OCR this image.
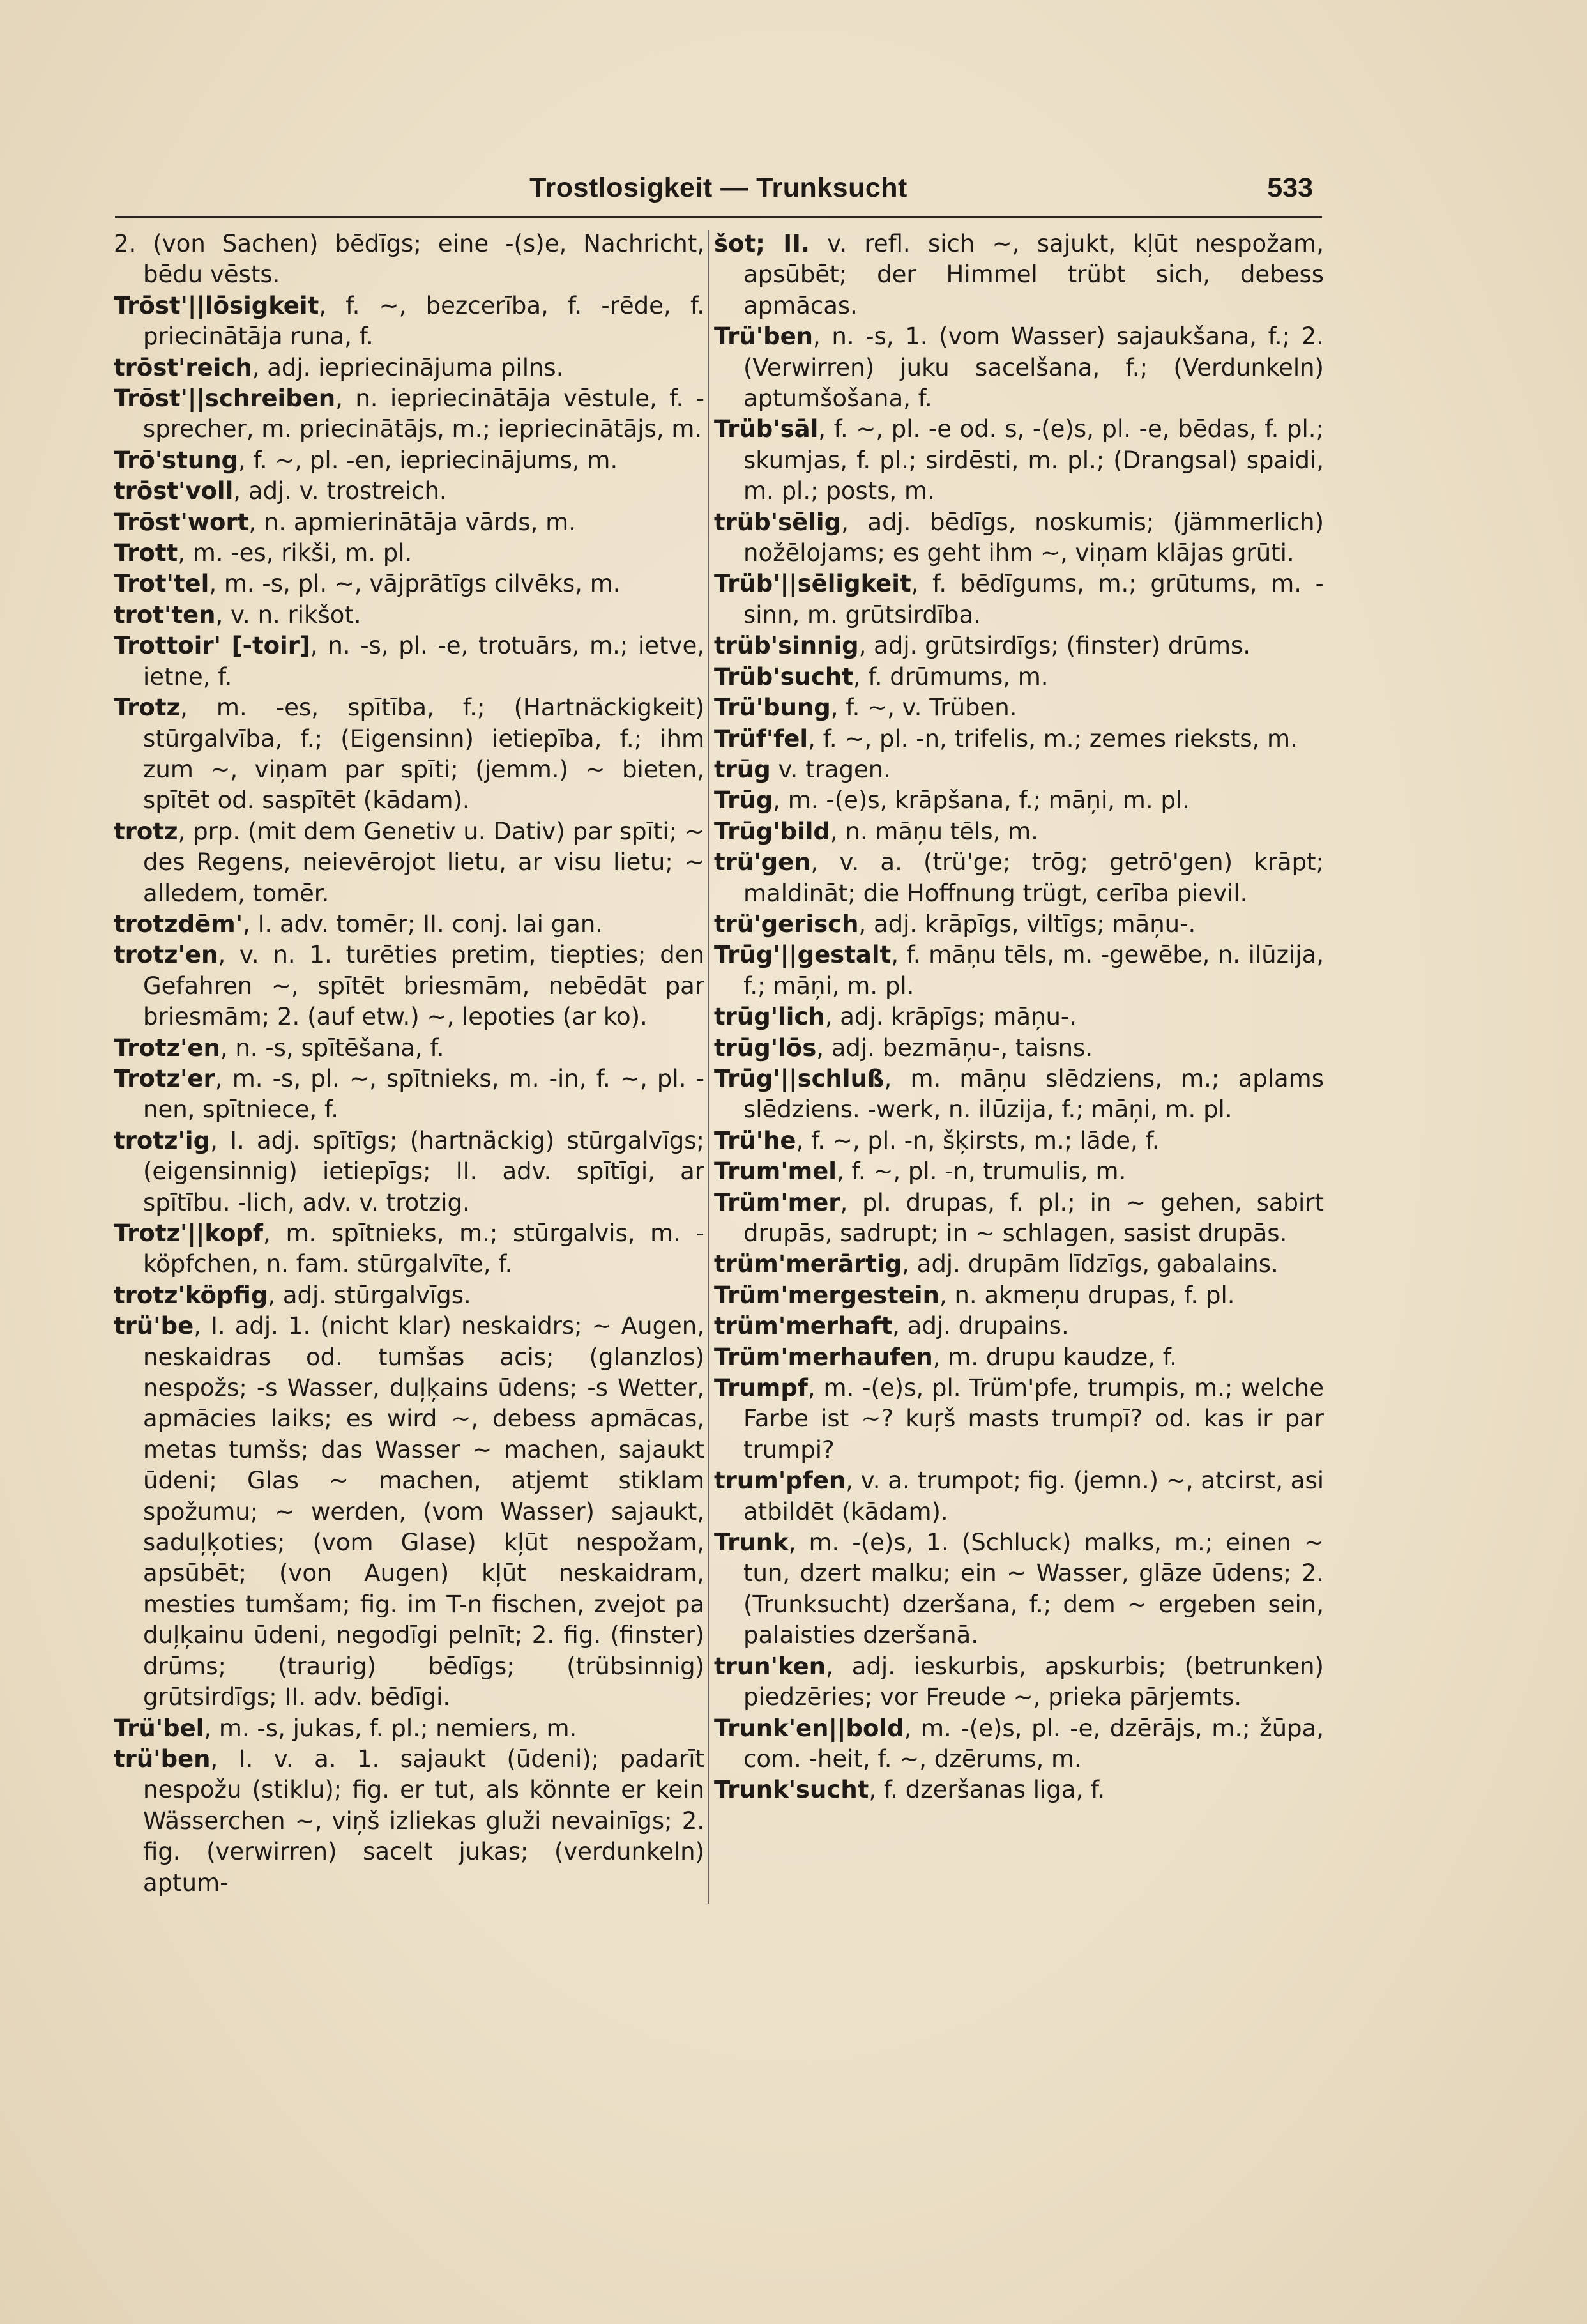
Trostlosigkeit — Trunksucht	533

2. (von Sachen) bēdīgs; eine -(s)e, Nachricht, bēdu vēsts.

Trōst'||lōsigkeit, f. ~, bezcerība, f. -rēde, f. priecinātāja runa, f.

trōst'reich, adj. iepriecinājuma pilns.

Trōst'||schreiben, n. iepriecinātāja vēstule, f. -sprecher, m. priecinātājs, m.; iepriecinātājs, m.

Trō'stung, f. ~, pl. -en, iepriecinājums, m.

trōst'voll, adj. v. trostreich.

Trōst'wort, n. apmierinātāja vārds, m.

Trott, m. -es, rikši, m. pl.

Trot'tel, m. -s, pl. ~, vājprātīgs cilvēks, m.

trot'ten, v. n. rikšot.

Trottoir' [-toir], n. -s, pl. -e, trotuārs, m.; ietve, ietne, f.

Trotz, m. -es, spītība, f.; (Hartnäckigkeit) stūrgalvība, f.; (Eigensinn) ietiepība, f.; ihm zum ~, viņam par spīti; (jemm.) ~ bieten, spītēt od. saspītēt (kādam).

trotz, prp. (mit dem Genetiv u. Dativ) par spīti; ~ des Regens, neievērojot lietu, ar visu lietu; ~ alledem, tomēr.

trotzdēm', I. adv. tomēr; II. conj. lai gan.

trotz'en, v. n. 1. turēties pretim, tiepties; den Gefahren ~, spītēt briesmām, nebēdāt par briesmām; 2. (auf etw.) ~, lepoties (ar ko).

Trotz'en, n. -s, spītēšana, f.

Trotz'er, m. -s, pl. ~, spītnieks, m. -in, f. ~, pl. -nen, spītniece, f.

trotz'ig, I. adj. spītīgs; (hartnäckig) stūrgalvīgs; (eigensinnig) ietiepīgs; II. adv. spītīgi, ar spītību. -lich, adv. v. trotzig.

Trotz'||kopf, m. spītnieks, m.; stūrgalvis, m. -köpfchen, n. fam. stūrgalvīte, f.

trotz'köpfig, adj. stūrgalvīgs.

trü'be, I. adj. 1. (nicht klar) neskaidrs; ~ Augen, neskaidras od. tumšas acis; (glanzlos) nespožs; -s Wasser, duļķains ūdens; -s Wetter, apmācies laiks; es wird ~, debess apmācas, metas tumšs; das Wasser ~ machen, sajaukt ūdeni; Glas ~ machen, atjemt stiklam spožumu; ~ werden, (vom Wasser) sajaukt, saduļķoties; (vom Glase) kļūt nespožam, apsūbēt; (von Augen) kļūt neskaidram, mesties tumšam; fig. im T-n fischen, zvejot pa duļķainu ūdeni, negodīgi pelnīt; 2. fig. (finster) drūms; (traurig) bēdīgs; (trübsinnig) grūtsirdīgs; II. adv. bēdīgi.

Trü'bel, m. -s, jukas, f. pl.; nemiers, m.

trü'ben, I. v. a. 1. sajaukt (ūdeni); padarīt nespožu (stiklu); fig. er tut, als könnte er kein Wässerchen ~, viņš izliekas gluži nevainīgs; 2. fig. (verwirren) sacelt jukas; (verdunkeln) aptum-

šot; II. v. refl. sich ~, sajukt, kļūt nespožam, apsūbēt; der Himmel trübt sich, debess apmācas.

Trü'ben, n. -s, 1. (vom Wasser) sajaukšana, f.; 2. (Verwirren) juku sacelšana, f.; (Verdunkeln) aptumšošana, f.

Trüb'sāl, f. ~, pl. -e od. s, -(e)s, pl. -e, bēdas, f. pl.; skumjas, f. pl.; sirdēsti, m. pl.; (Drangsal) spaidi, m. pl.; posts, m.

trüb'sēlig, adj. bēdīgs, noskumis; (jämmerlich) nožēlojams; es geht ihm ~, viņam klājas grūti.

Trüb'||sēligkeit, f. bēdīgums, m.; grūtums, m. -sinn, m. grūtsirdība.

trüb'sinnig, adj. grūtsirdīgs; (finster) drūms.

Trüb'sucht, f. drūmums, m.

Trü'bung, f. ~, v. Trüben.

Trüf'fel, f. ~, pl. -n, trifelis, m.; zemes rieksts, m.

trūg v. tragen.

Trūg, m. -(e)s, krāpšana, f.; māņi, m. pl.

Trūg'bild, n. māņu tēls, m.

trü'gen, v. a. (trü'ge; trōg; getrō'gen) krāpt; maldināt; die Hoffnung trügt, cerība pievil.

trü'gerisch, adj. krāpīgs, viltīgs; māņu-.

Trūg'||gestalt, f. māņu tēls, m. -gewēbe, n. ilūzija, f.; māņi, m. pl.

trūg'lich, adj. krāpīgs; māņu-.

trūg'lōs, adj. bezmāņu-, taisns.

Trūg'||schluß, m. māņu slēdziens, m.; aplams slēdziens. -werk, n. ilūzija, f.; māņi, m. pl.

Trü'he, f. ~, pl. -n, šķirsts, m.; lāde, f.

Trum'mel, f. ~, pl. -n, trumulis, m.

Trüm'mer, pl. drupas, f. pl.; in ~ gehen, sabirt drupās, sadrupt; in ~ schlagen, sasist drupās.

trüm'merārtig, adj. drupām līdzīgs, gabalains.

Trüm'mergestein, n. akmeņu drupas, f. pl.

trüm'merhaft, adj. drupains.

Trüm'merhaufen, m. drupu kaudze, f.

Trumpf, m. -(e)s, pl. Trüm'pfe, trumpis, m.; welche Farbe ist ~? kuŗš masts trumpī? od. kas ir par trumpi?

trum'pfen, v. a. trumpot; fig. (jemn.) ~, atcirst, asi atbildēt (kādam).

Trunk, m. -(e)s, 1. (Schluck) malks, m.; einen ~ tun, dzert malku; ein ~ Wasser, glāze ūdens; 2. (Trunksucht) dzeršana, f.; dem ~ ergeben sein, palaisties dzeršanā.

trun'ken, adj. ieskurbis, apskurbis; (betrunken) piedzēries; vor Freude ~, prieka pārjemts.

Trunk'en||bold, m. -(e)s, pl. -e, dzērājs, m.; žūpa, com. -heit, f. ~, dzērums, m.

Trunk'sucht, f. dzeršanas liga, f.
